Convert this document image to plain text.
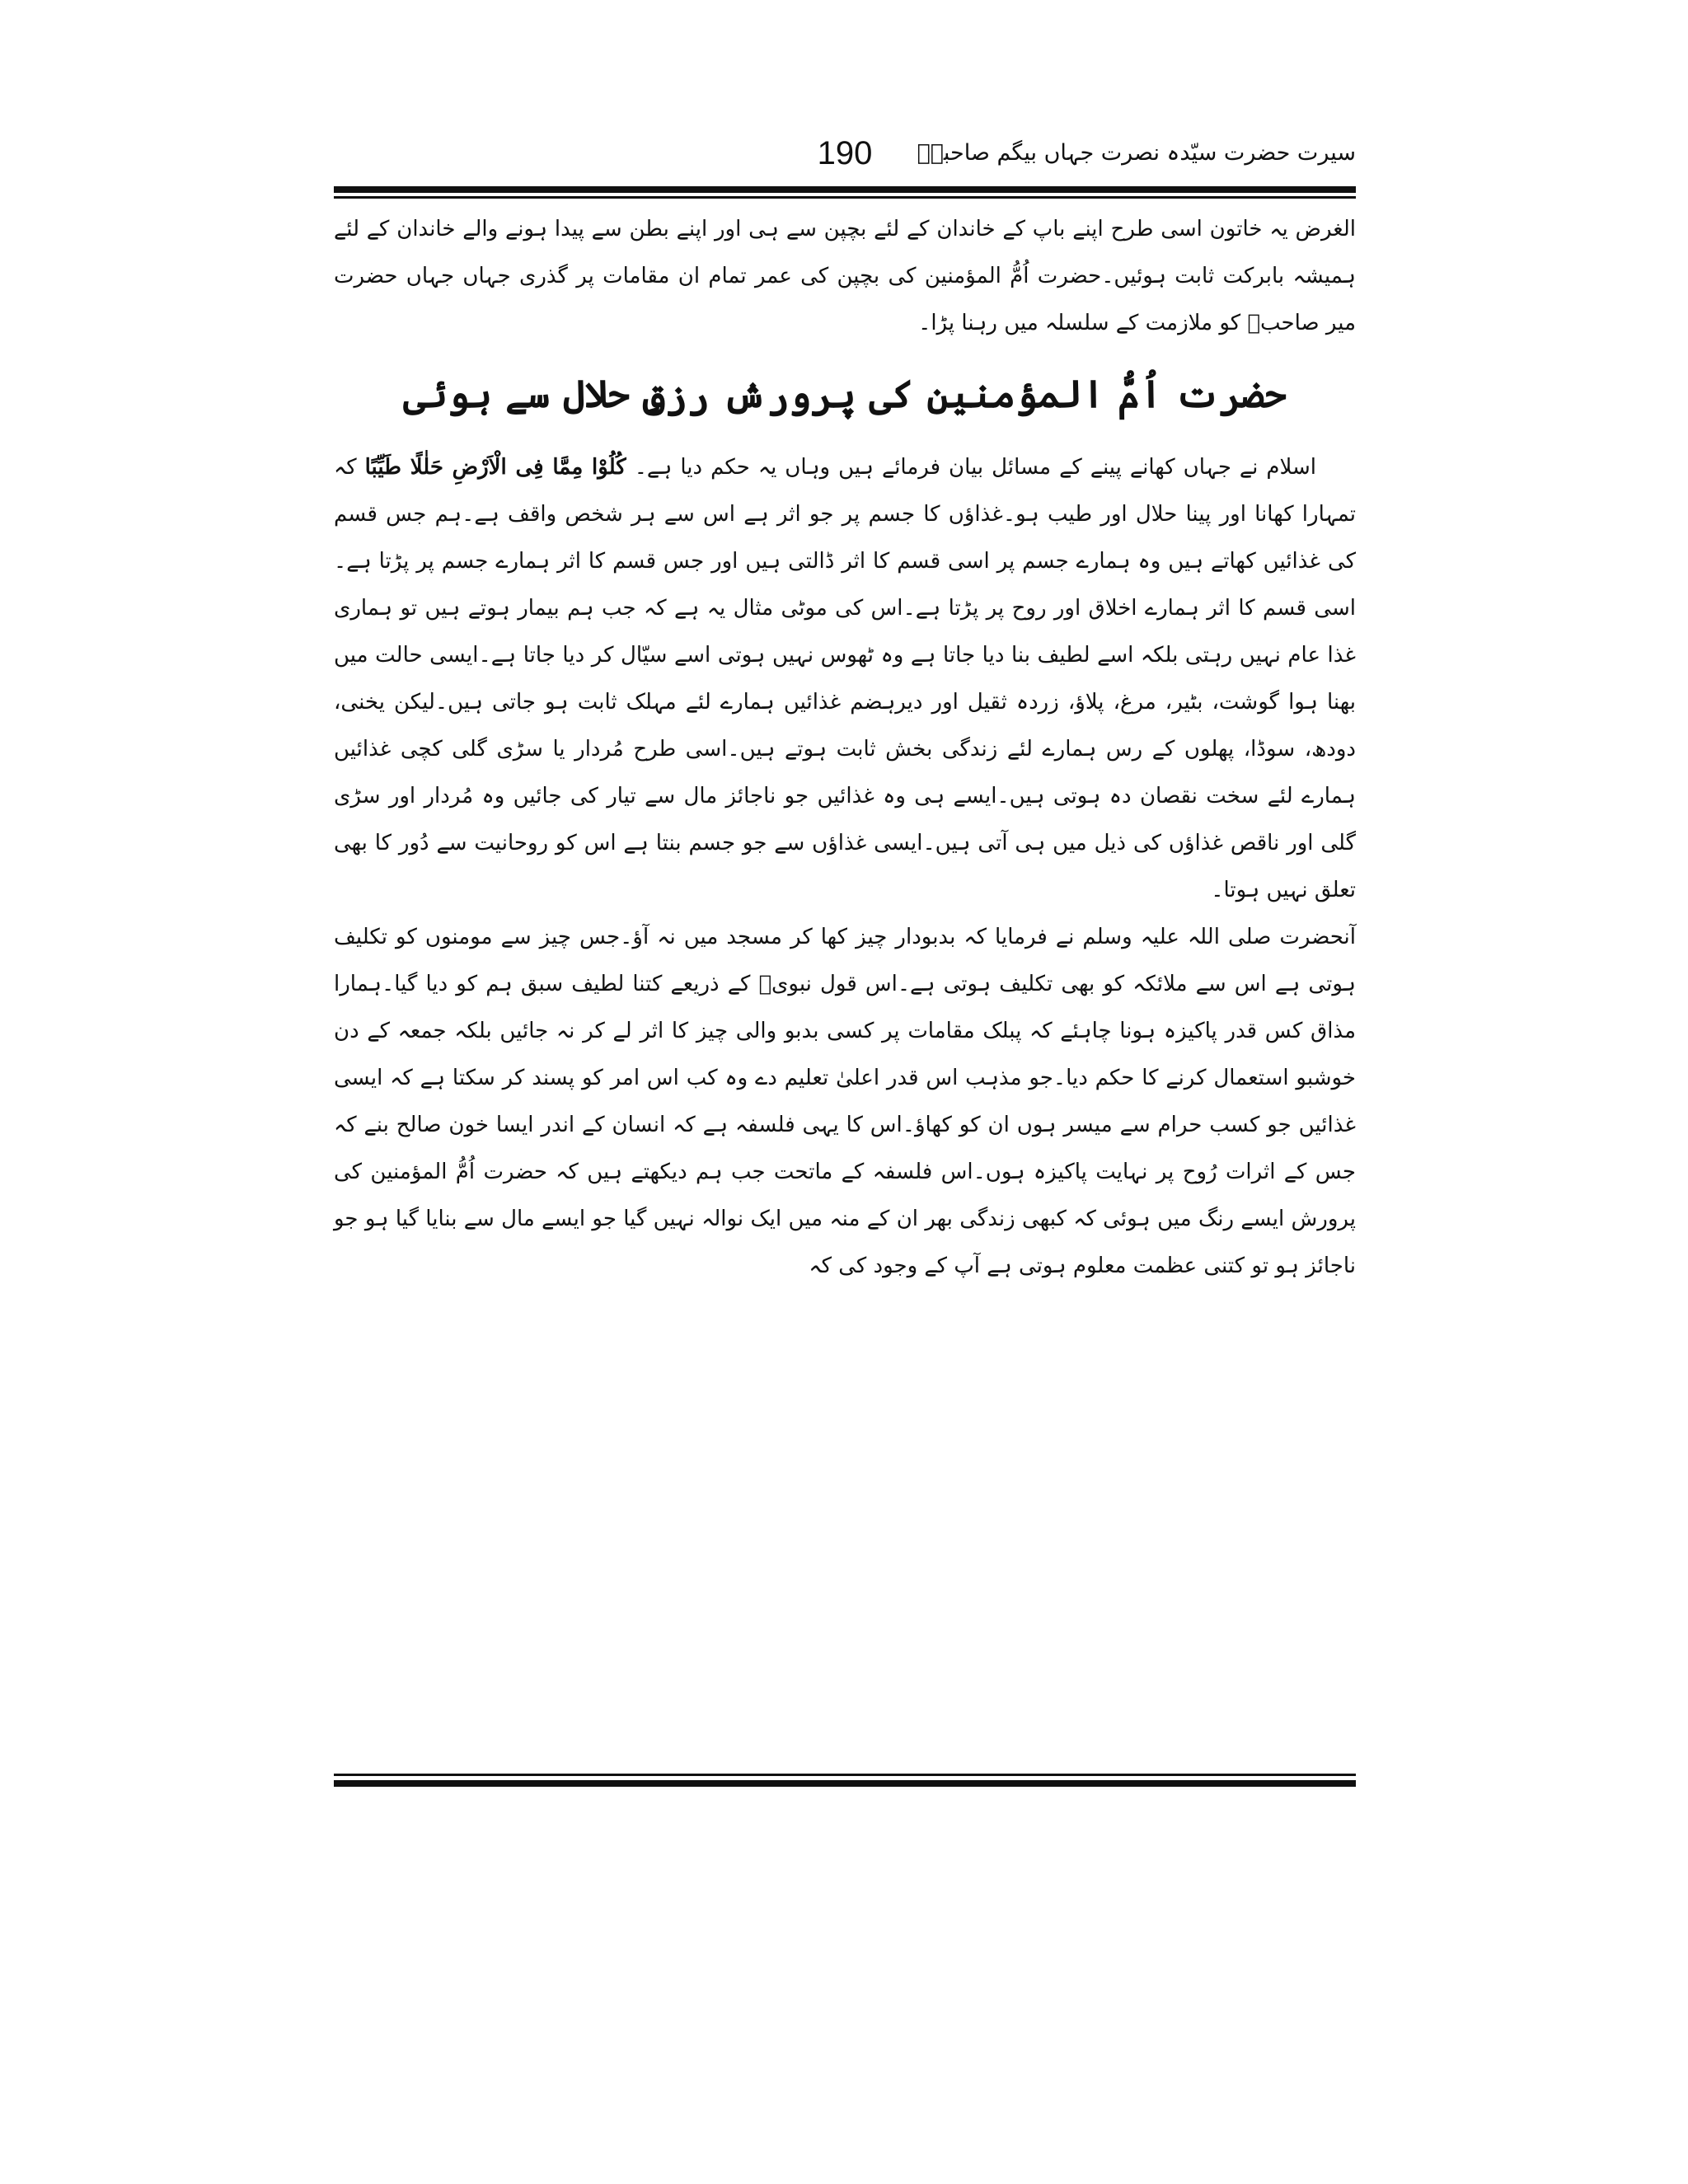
سیرت حضرت سیّدہ نصرت جہاں بیگم صاحبہؓ
190

الغرض یہ خاتون اسی طرح اپنے باپ کے خاندان کے لئے بچپن سے ہی اور اپنے بطن سے پیدا ہونے والے خاندان کے لئے ہمیشہ بابرکت ثابت ہوئیں۔حضرت اُمُّ المؤمنین کی بچپن کی عمر تمام ان مقامات پر گذری جہاں جہاں حضرت میر صاحبؓ کو ملازمت کے سلسلہ میں رہنا پڑا۔

حضرت اُمُّ المؤمنین کی پرورش رزقِ حلال سے ہوئی

اسلام نے جہاں کھانے پینے کے مسائل بیان فرمائے ہیں وہاں یہ حکم دیا ہے۔ کُلُوْا مِمَّا فِی الْاَرْضِ حَلٰلًا طَیِّبًا کہ تمہارا کھانا اور پینا حلال اور طیب ہو۔غذاؤں کا جسم پر جو اثر ہے اس سے ہر شخص واقف ہے۔ہم جس قسم کی غذائیں کھاتے ہیں وہ ہمارے جسم پر اسی قسم کا اثر ڈالتی ہیں اور جس قسم کا اثر ہمارے جسم پر پڑتا ہے۔اسی قسم کا اثر ہمارے اخلاق اور روح پر پڑتا ہے۔اس کی موٹی مثال یہ ہے کہ جب ہم بیمار ہوتے ہیں تو ہماری غذا عام نہیں رہتی بلکہ اسے لطیف بنا دیا جاتا ہے وہ ٹھوس نہیں ہوتی اسے سیّال کر دیا جاتا ہے۔ایسی حالت میں بھنا ہوا گوشت، بٹیر، مرغ، پلاؤ، زردہ ثقیل اور دیرہضم غذائیں ہمارے لئے مہلک ثابت ہو جاتی ہیں۔لیکن یخنی، دودھ، سوڈا، پھلوں کے رس ہمارے لئے زندگی بخش ثابت ہوتے ہیں۔اسی طرح مُردار یا سڑی گلی کچی غذائیں ہمارے لئے سخت نقصان دہ ہوتی ہیں۔ایسے ہی وہ غذائیں جو ناجائز مال سے تیار کی جائیں وہ مُردار اور سڑی گلی اور ناقص غذاؤں کی ذیل میں ہی آتی ہیں۔ایسی غذاؤں سے جو جسم بنتا ہے اس کو روحانیت سے دُور کا بھی تعلق نہیں ہوتا۔

آنحضرت صلی اللہ علیہ وسلم نے فرمایا کہ بدبودار چیز کھا کر مسجد میں نہ آؤ۔جس چیز سے مومنوں کو تکلیف ہوتی ہے اس سے ملائکہ کو بھی تکلیف ہوتی ہے۔اس قول نبویؐ کے ذریعے کتنا لطیف سبق ہم کو دیا گیا۔ہمارا مذاق کس قدر پاکیزہ ہونا چاہئے کہ پبلک مقامات پر کسی بدبو والی چیز کا اثر لے کر نہ جائیں بلکہ جمعہ کے دن خوشبو استعمال کرنے کا حکم دیا۔جو مذہب اس قدر اعلیٰ تعلیم دے وہ کب اس امر کو پسند کر سکتا ہے کہ ایسی غذائیں جو کسب حرام سے میسر ہوں ان کو کھاؤ۔اس کا یہی فلسفہ ہے کہ انسان کے اندر ایسا خون صالح بنے کہ جس کے اثرات رُوح پر نہایت پاکیزہ ہوں۔اس فلسفہ کے ماتحت جب ہم دیکھتے ہیں کہ حضرت اُمُّ المؤمنین کی پرورش ایسے رنگ میں ہوئی کہ کبھی زندگی بھر ان کے منہ میں ایک نوالہ نہیں گیا جو ایسے مال سے بنایا گیا ہو جو ناجائز ہو تو کتنی عظمت معلوم ہوتی ہے آپ کے وجود کی کہ
